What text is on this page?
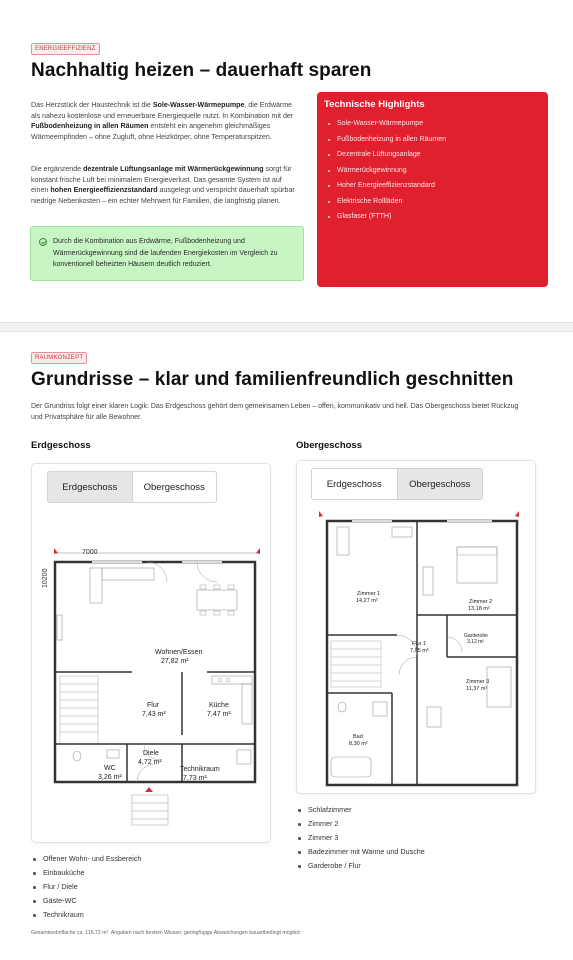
ENERGIEEFFIZIENZ
Nachhaltig heizen – dauerhaft sparen

Das Herzstück der Haustechnik ist die Sole-Wasser-Wärmepumpe, die Erdwärme als nahezu kostenlose und erneuerbare Energiequelle nutzt. In Kombination mit der Fußbodenheizung in allen Räumen entsteht ein angenehm gleichmäßiges Wärmeempfinden – ohne Zugluft, ohne Heizkörper, ohne Temperaturspitzen.

Die ergänzende dezentrale Lüftungsanlage mit Wärmerückgewinnung sorgt für konstant frische Luft bei minimalem Energieverlust. Das gesamte System ist auf einen hohen Energieeffizienzstandard ausgelegt und verspricht dauerhaft spürbar niedrige Nebenkosten – ein echter Mehrwert für Familien, die langfristig planen.

Durch die Kombination aus Erdwärme, Fußbodenheizung und Wärmerückgewinnung sind die laufenden Energiekosten im Vergleich zu konventionell beheizten Häusern deutlich reduziert.

Technische Highlights
Sole-Wasser-Wärmepumpe
Fußbodenheizung in allen Räumen
Dezentrale Lüftungsanlage
Wärmerückgewinnung
Hoher Energieeffizienzstandard
Elektrische Rollläden
Glasfaser (FTTH)
RAUMKONZEPT
Grundrisse – klar und familienfreundlich geschnitten

Der Grundriss folgt einer klaren Logik: Das Erdgeschoss gehört dem gemeinsamen Leben – offen, kommunikativ und hell. Das Obergeschoss bietet Rückzug und Privatsphäre für alle Bewohner.

Erdgeschoss
Erdgeschoss	Obergeschoss
7000
10200
Wohnen/Essen
27,82 m²
Flur
7,43 m²
Küche
7,47 m²
WC
3,26 m²
Diele
4,72 m²
Technikraum
7,73 m²
Offener Wohn- und Essbereich
Einbauküche
Flur / Diele
Gäste-WC
Technikraum
Obergeschoss
Erdgeschoss	Obergeschoss
Zimmer 1
14,27 m²	Zimmer 2
13,18 m²
Garderobe
3,12 m²
Flur 1
7,05 m²
Zimmer 3
11,37 m²
Bad
8,30 m²
Schlafzimmer
Zimmer 2
Zimmer 3
Badezimmer mit Wanne und Dusche
Garderobe / Flur

Gesamtwohnfläche ca. 115,72 m². Angaben nach bestem Wissen; geringfügige Abweichungen bauartbedingt möglich
